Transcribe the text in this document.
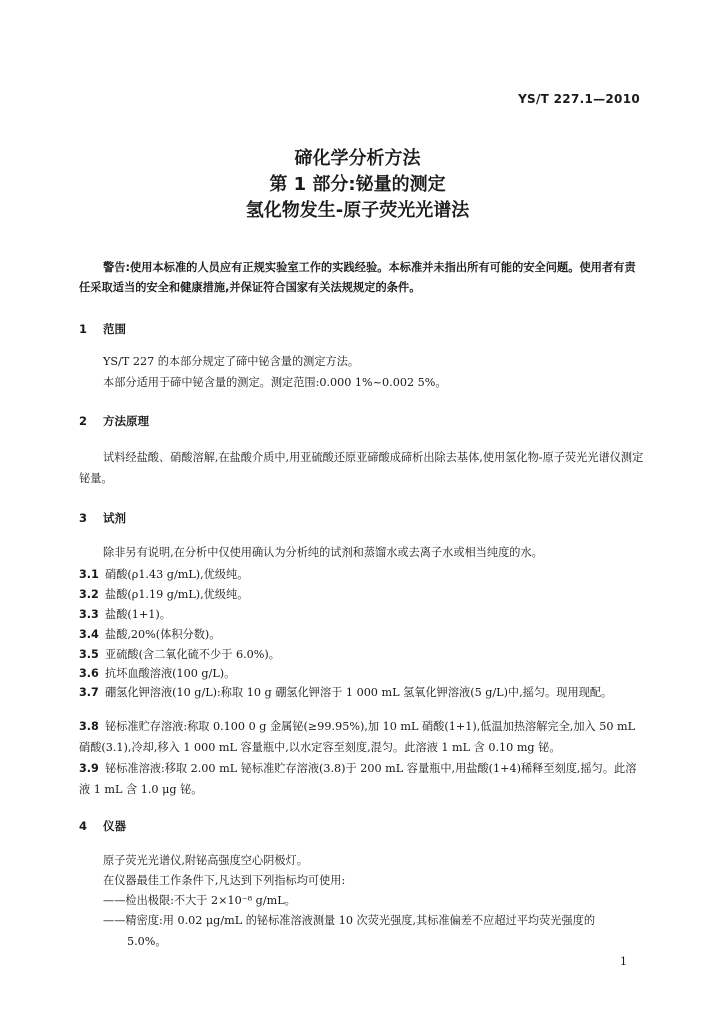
YS/T 227.1—2010
碲化学分析方法
第 1 部分:铋量的测定
氢化物发生-原子荧光光谱法
警告:使用本标准的人员应有正规实验室工作的实践经验。本标准并未指出所有可能的安全问题。使用者有责任采取适当的安全和健康措施,并保证符合国家有关法规规定的条件。
1 范围
YS/T 227 的本部分规定了碲中铋含量的测定方法。
本部分适用于碲中铋含量的测定。测定范围:0.000 1%~0.002 5%。
2 方法原理
试料经盐酸、硝酸溶解,在盐酸介质中,用亚硫酸还原亚碲酸成碲析出除去基体,使用氢化物-原子荧光光谱仪测定铋量。
3 试剂
除非另有说明,在分析中仅使用确认为分析纯的试剂和蒸馏水或去离子水或相当纯度的水。
3.1 硝酸(ρ1.43 g/mL),优级纯。
3.2 盐酸(ρ1.19 g/mL),优级纯。
3.3 盐酸(1+1)。
3.4 盐酸,20%(体积分数)。
3.5 亚硫酸(含二氧化硫不少于 6.0%)。
3.6 抗坏血酸溶液(100 g/L)。
3.7 硼氢化钾溶液(10 g/L):称取 10 g 硼氢化钾溶于 1 000 mL 氢氧化钾溶液(5 g/L)中,摇匀。现用现配。
3.8 铋标准贮存溶液:称取 0.100 0 g 金属铋(≥99.95%),加 10 mL 硝酸(1+1),低温加热溶解完全,加入 50 mL 硝酸(3.1),冷却,移入 1 000 mL 容量瓶中,以水定容至刻度,混匀。此溶液 1 mL 含 0.10 mg 铋。
3.9 铋标准溶液:移取 2.00 mL 铋标准贮存溶液(3.8)于 200 mL 容量瓶中,用盐酸(1+4)稀释至刻度,摇匀。此溶液 1 mL 含 1.0 μg 铋。
4 仪器
原子荧光光谱仪,附铋高强度空心阴极灯。
在仪器最佳工作条件下,凡达到下列指标均可使用:
——检出极限:不大于 2×10⁻⁸ g/mL。
——精密度:用 0.02 μg/mL 的铋标准溶液测量 10 次荧光强度,其标准偏差不应超过平均荧光强度的
5.0%。
1
